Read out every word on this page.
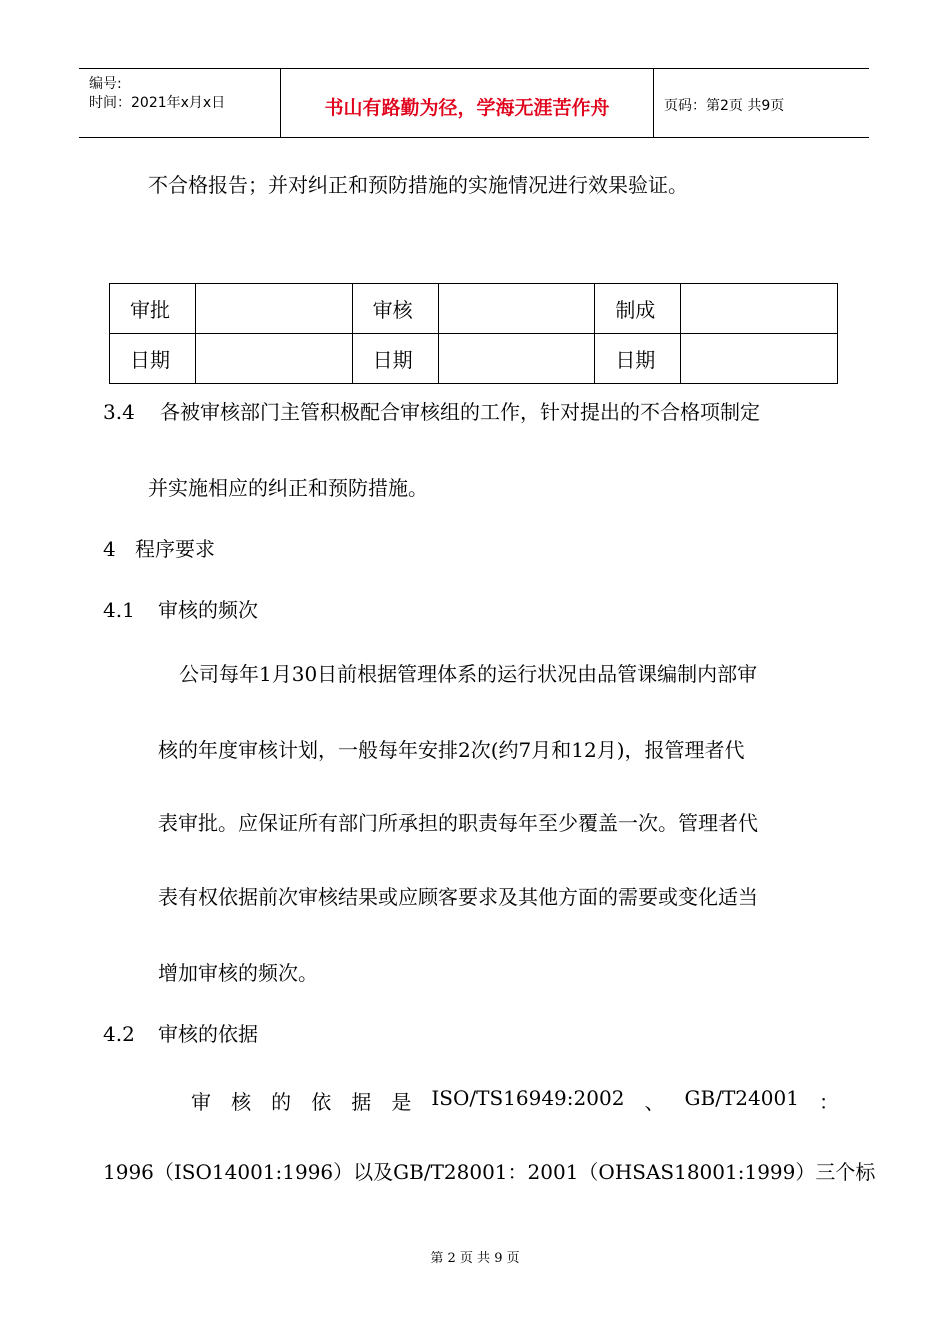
编号:
时间：2021年x月x日	书山有路勤为径，学海无涯苦作舟	页码：第2页 共9页
不合格报告；并对纠正和预防措施的实施情况进行效果验证。
审批		审核		制成	
日期		日期		日期	
3.4 各被审核部门主管积极配合审核组的工作，针对提出的不合格项制定
并实施相应的纠正和预防措施。
4 程序要求
4.1 审核的频次
公司每年1月30日前根据管理体系的运行状况由品管课编制内部审
核的年度审核计划，一般每年安排2次(约7月和12月)，报管理者代
表审批。应保证所有部门所承担的职责每年至少覆盖一次。管理者代
表有权依据前次审核结果或应顾客要求及其他方面的需要或变化适当
增加审核的频次。
4.2 审核的依据
审 核 的 依 据 是 ISO/TS16949:2002 、 GB/T24001 ：
1996（ISO14001:1996）以及GB/T28001：2001（OHSAS18001:1999）三个标
第 2 页 共 9 页
